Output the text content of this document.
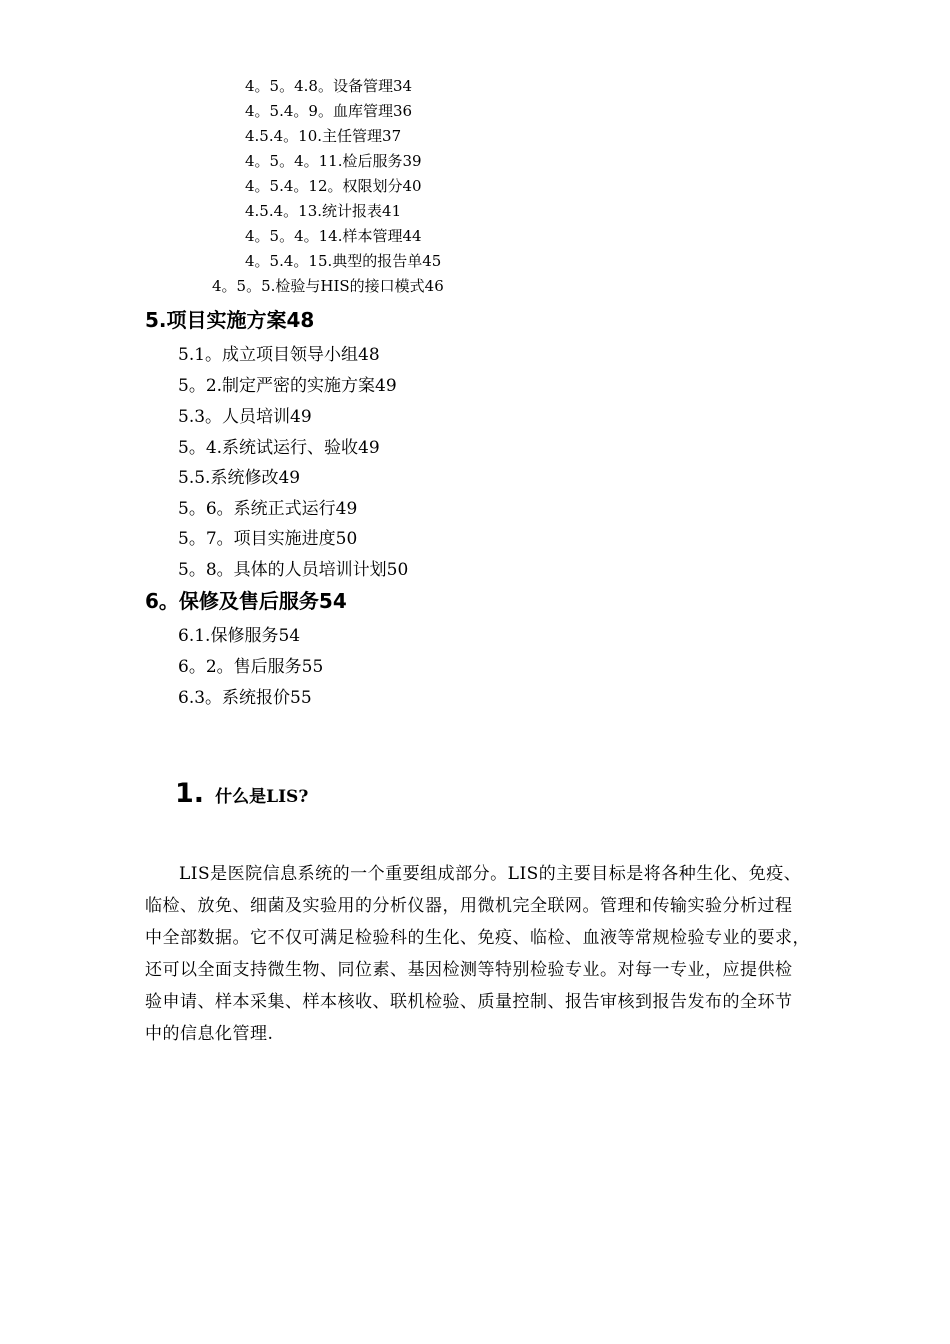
4。5。4.8。设备管理34
4。5.4。9。血库管理36
4.5.4。10.主任管理37
4。5。4。11.检后服务39
4。5.4。12。权限划分40
4.5.4。13.统计报表41
4。5。4。14.样本管理44
4。5.4。15.典型的报告单45
4。5。5.检验与HIS的接口模式46
5.项目实施方案48
5.1。成立项目领导小组48
5。2.制定严密的实施方案49
5.3。人员培训49
5。4.系统试运行、验收49
5.5.系统修改49
5。6。系统正式运行49
5。7。项目实施进度50
5。8。具体的人员培训计划50
6。保修及售后服务54
6.1.保修服务54
6。2。售后服务55
6.3。系统报价55
1. 什么是LIS?
LIS是医院信息系统的一个重要组成部分。LIS的主要目标是将各种生化、免疫、
临检、放免、细菌及实验用的分析仪器，用微机完全联网。管理和传输实验分析过程
中全部数据。它不仅可满足检验科的生化、免疫、临检、血液等常规检验专业的要求，
还可以全面支持微生物、同位素、基因检测等特别检验专业。对每一专业，应提供检
验申请、样本采集、样本核收、联机检验、质量控制、报告审核到报告发布的全环节
中的信息化管理.
